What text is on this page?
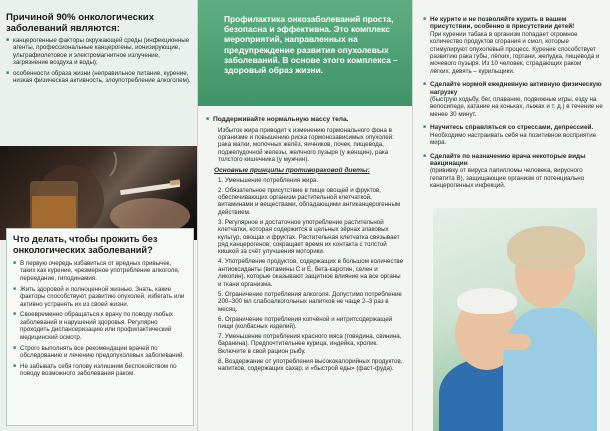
Причиной 90% онкологических заболеваний являются:
■ канцерогенные факторы окружающей среды (инфекционные агенты, профессиональные канцерогены, ионизирующие, ультрафиолетовое и электромагнитное излучение, загрязнение воздуха и воды);
■ особенности образа жизни (неправильное питание, курение, низкая физическая активность, злоупотребление алкоголем).
Что делать, чтобы прожить без онкологических заболеваний?
■ В первую очередь избавиться от вредных привычек, таких как курение, чрезмерное употребление алкоголя, переедание, гиподинамия.
■ Жить здоровой и полноценной жизнью. Знать, какие факторы способствуют развитию опухолей, избегать или активно устранять их из своей жизни.
■ Своевременно обращаться к врачу по поводу любых заболеваний и нарушений здоровья. Регулярно проходить диспансеризацию или профилактический медицинский осмотр.
■ Строго выполнять все рекомендации врачей по обследованию и лечению предопухолевых заболеваний.
■ Не забывать себя голову излишним беспокойством по поводу возможного заболевания раком.
Профилактика онкозаболеваний проста, безопасна и эффективна. Это комплекс мероприятий, направленных на предупреждение развития опухолевых заболеваний. В основе этого комплекса – здоровый образ жизни.
■ Поддерживайте нормальную массу тела.
Избыток жира приводит к изменению гормонального фона в организме и повышению риска гормонозависимых опухолей: рака матки, молочных желёз, яичников, почек, пищевода, поджелудочной железы, желчного пузыря (у женщин), рака толстого кишечника (у мужчин).
Основные принципы противораковой диеты:
1. Уменьшение потребления жира.
2. Обязательное присутствие в пище овощей и фруктов, обеспечивающих организм растительной клетчаткой, витаминами и веществами, обладающими антиканцерогенным действием.
3. Регулярное и достаточное употребление растительной клетчатки, которая содержится в цельных зёрнах злаковых культур, овощах и фруктах. Растительная клетчатка связывает ряд канцерогенов, сокращает время их контакта с толстой кишкой за счёт улучшения моторики.
4. Употребление продуктов, содержащих в большом количестве антиоксиданты (витамины С и Е, бета-каротин, селен и ликопин), которые оказывают защитное влияние на все органы и ткани организма.
5. Ограничение потребления алкоголя. Допустимо потребление 200–300 мл слабоалкогольных напитков не чаще 2–3 раз в месяц.
6. Ограничение потребления копчёной и нитритсодержащей пищи (колбасных изделий).
7. Уменьшение потребления красного мяса (говядина, свинина, баранина). Предпочтительнее курица, индейка, кролик. Включите в свой рацион рыбу.
8. Воздержание от употребления высококалорийных продуктов, напитков, содержащих сахар, и «быстрой еды» (фаст-фуда).
■ Не курите и не позволяйте курить в вашем присутствии, особенно в присутствии детей!
При курении табака в организм попадает огромное количество продуктов сгорания и смол, которые стимулируют опухолевый процесс. Курение способствует развитию рака губы, лёгких, гортани, желудка, пищевода и мочевого пузыря. Из 10 человек, страдающих раком лёгких, девять – курильщики.
■ Сделайте нормой ежедневную активную физическую нагрузку
(быструю ходьбу, бег, плавание, подвижные игры, езду на велосипеде, катание на коньках, лыжах и т. д.) в течение не менее 30 минут.
■ Научитесь справляться со стрессами, депрессией.
Необходимо настраивать себя на позитивное восприятие мира.
■ Сделайте по назначению врача некоторые виды вакцинации
(прививку от вируса папилломы человека, вирусного гепатита В), защищающие организм от потенциально канцерогенных инфекций.
